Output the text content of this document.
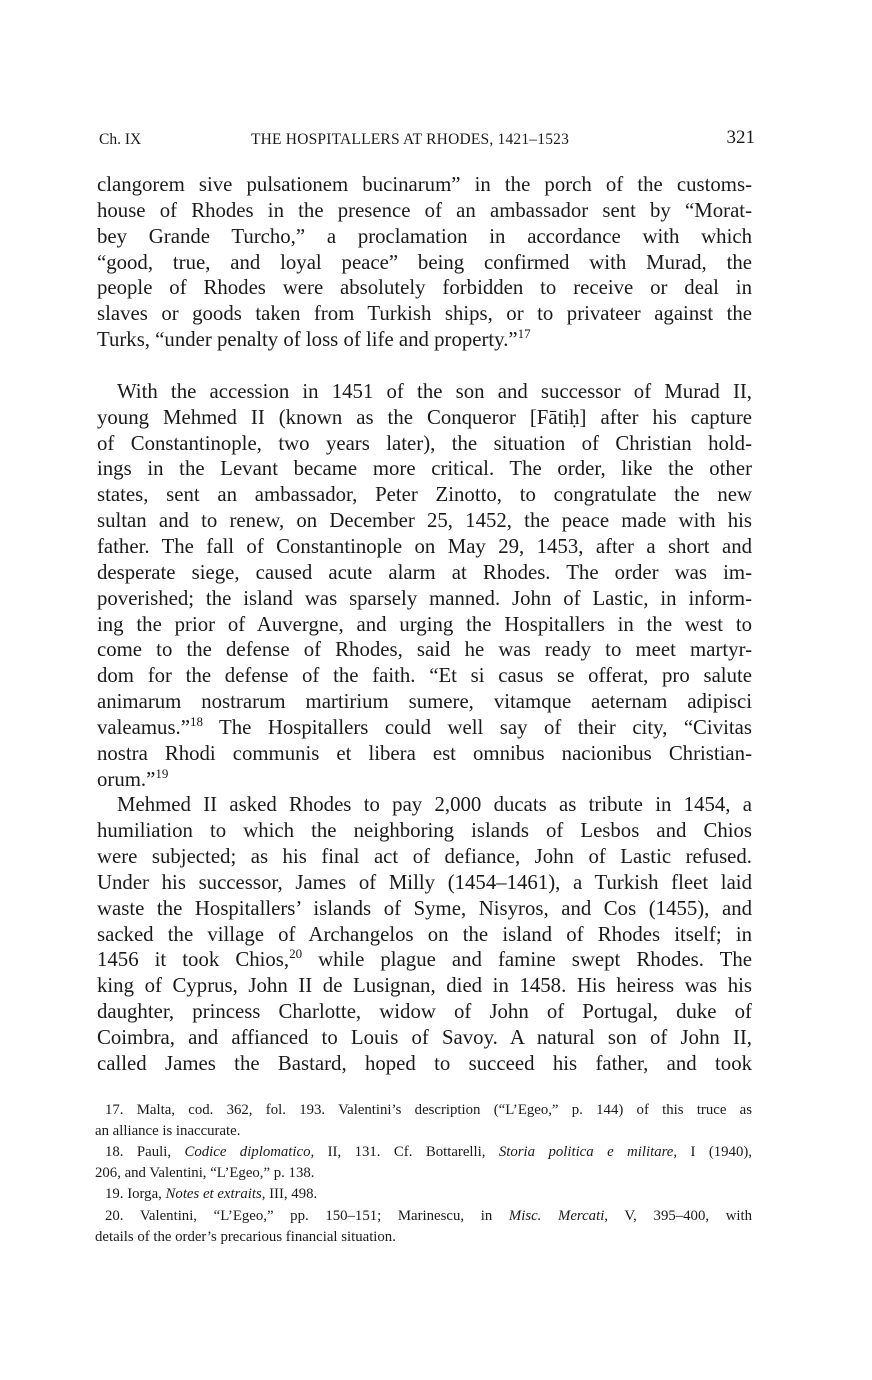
Ch. IX	THE HOSPITALLERS AT RHODES, 1421–1523	321
clangorem sive pulsationem bucinarum” in the porch of the customs-
house of Rhodes in the presence of an ambassador sent by “Morat-
bey Grande Turcho,” a proclamation in accordance with which
“good, true, and loyal peace” being confirmed with Murad, the
people of Rhodes were absolutely forbidden to receive or deal in
slaves or goods taken from Turkish ships, or to privateer against the
Turks, “under penalty of loss of life and property.”$^{17}$
With the accession in 1451 of the son and successor of Murad II,
young Mehmed II (known as the Conqueror [Fātiḥ] after his capture
of Constantinople, two years later), the situation of Christian hold-
ings in the Levant became more critical. The order, like the other
states, sent an ambassador, Peter Zinotto, to congratulate the new
sultan and to renew, on December 25, 1452, the peace made with his
father. The fall of Constantinople on May 29, 1453, after a short and
desperate siege, caused acute alarm at Rhodes. The order was im-
poverished; the island was sparsely manned. John of Lastic, in inform-
ing the prior of Auvergne, and urging the Hospitallers in the west to
come to the defense of Rhodes, said he was ready to meet martyr-
dom for the defense of the faith. “Et si casus se offerat, pro salute
animarum nostrarum martirium sumere, vitamque aeternam adipisci
valeamus.”$^{18}$ The Hospitallers could well say of their city, “Civitas
nostra Rhodi communis et libera est omnibus nacionibus Christian-
orum.”$^{19}$
Mehmed II asked Rhodes to pay 2,000 ducats as tribute in 1454, a
humiliation to which the neighboring islands of Lesbos and Chios
were subjected; as his final act of defiance, John of Lastic refused.
Under his successor, James of Milly (1454–1461), a Turkish fleet laid
waste the Hospitallers’ islands of Syme, Nisyros, and Cos (1455), and
sacked the village of Archangelos on the island of Rhodes itself; in
1456 it took Chios,$^{20}$ while plague and famine swept Rhodes. The
king of Cyprus, John II de Lusignan, died in 1458. His heiress was his
daughter, princess Charlotte, widow of John of Portugal, duke of
Coimbra, and affianced to Louis of Savoy. A natural son of John II,
called James the Bastard, hoped to succeed his father, and took
17. Malta, cod. 362, fol. 193. Valentini’s description (“L’Egeo,” p. 144) of this truce as
an alliance is inaccurate.
18. Pauli, Codice diplomatico, II, 131. Cf. Bottarelli, Storia politica e militare, I (1940),
206, and Valentini, “L’Egeo,” p. 138.
19. Iorga, Notes et extraits, III, 498.
20. Valentini, “L’Egeo,” pp. 150–151; Marinescu, in Misc. Mercati, V, 395–400, with
details of the order’s precarious financial situation.
